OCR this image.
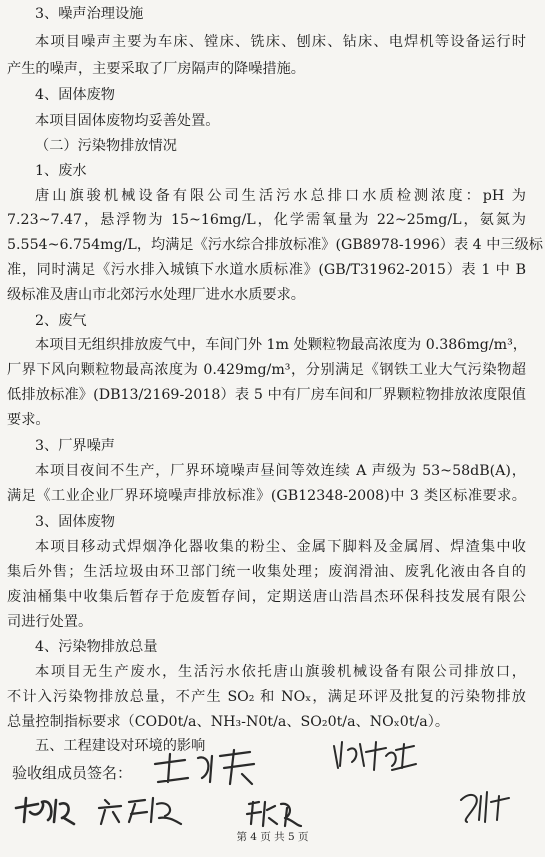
3、噪声治理设施
本项目噪声主要为车床、镗床、铣床、刨床、钻床、电焊机等设备运行时
产生的噪声，主要采取了厂房隔声的降噪措施。
4、固体废物
本项目固体废物均妥善处置。
（二）污染物排放情况
1、废水
唐山旗骏机械设备有限公司生活污水总排口水质检测浓度：pH 为
7.23~7.47，悬浮物为 15~16mg/L，化学需氧量为 22~25mg/L，氨氮为
5.554~6.754mg/L，均满足《污水综合排放标准》(GB8978-1996）表 4 中三级标
准，同时满足《污水排入城镇下水道水质标准》(GB/T31962-2015）表 1 中 B
级标准及唐山市北郊污水处理厂进水水质要求。
2、废气
本项目无组织排放废气中，车间门外 1m 处颗粒物最高浓度为 0.386mg/m³，
厂界下风向颗粒物最高浓度为 0.429mg/m³，分别满足《钢铁工业大气污染物超
低排放标准》(DB13/2169-2018）表 5 中有厂房车间和厂界颗粒物排放浓度限值
要求。
3、厂界噪声
本项目夜间不生产，厂界环境噪声昼间等效连续 A 声级为 53~58dB(A)，
满足《工业企业厂界环境噪声排放标准》(GB12348-2008)中 3 类区标准要求。
3、固体废物
本项目移动式焊烟净化器收集的粉尘、金属下脚料及金属屑、焊渣集中收
集后外售；生活垃圾由环卫部门统一收集处理；废润滑油、废乳化液由各自的
废油桶集中收集后暂存于危废暂存间，定期送唐山浩昌杰环保科技发展有限公
司进行处置。
4、污染物排放总量
本项目无生产废水，生活污水依托唐山旗骏机械设备有限公司排放口，
不计入污染物排放总量，不产生 SO₂ 和 NOₓ，满足环评及批复的污染物排放
总量控制指标要求（COD0t/a、NH₃-N0t/a、SO₂0t/a、NOₓ0t/a）。
五、工程建设对环境的影响
验收组成员签名：
第 4 页 共 5 页
